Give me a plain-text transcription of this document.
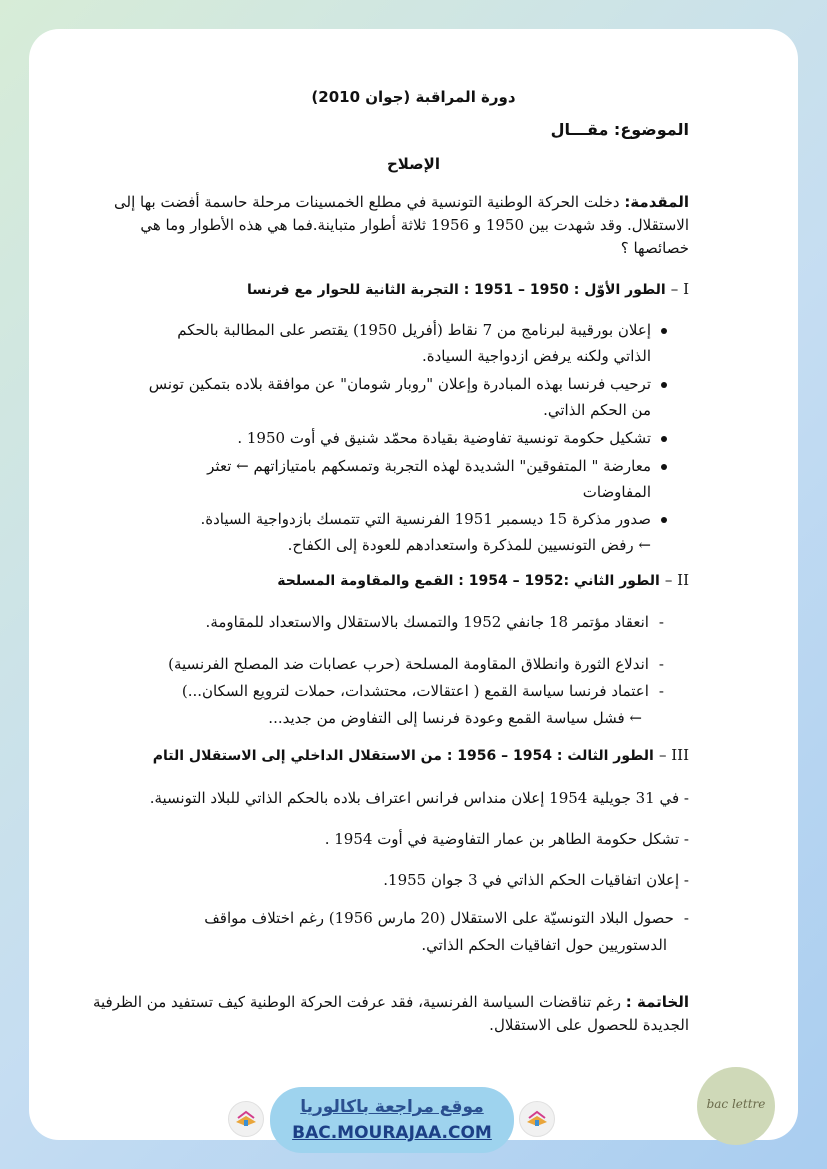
دورة المراقبة (جوان 2010)
الموضوع: مقـــال
الإصلاح
المقدمة: دخلت الحركة الوطنية التونسية في مطلع الخمسينات مرحلة حاسمة أفضت بها إلى
الاستقلال. وقد شهدت بين 1950 و 1956 ثلاثة أطوار متباينة.فما هي هذه الأطوار وما هي
خصائصها ؟
I – الطور الأوّل : 1950 – 1951 : التجربة الثانية للحوار مع فرنسا
إعلان بورقيبة لبرنامج من 7 نقاط (أفريل 1950) يقتصر على المطالبة بالحكم
الذاتي ولكنه يرفض ازدواجية السيادة.
ترحيب فرنسا بهذه المبادرة وإعلان "روبار شومان" عن موافقة بلاده بتمكين تونس
من الحكم الذاتي.
تشكيل حكومة تونسية تفاوضية بقيادة محمّد شنيق في أوت 1950 .
معارضة " المتفوقين" الشديدة لهذه التجربة وتمسكهم بامتيازاتهم ← تعثر
المفاوضات
صدور مذكرة 15 ديسمبر 1951 الفرنسية التي تتمسك بازدواجية السيادة.
← رفض التونسيين للمذكرة واستعدادهم للعودة إلى الكفاح.
II – الطور الثاني :1952 – 1954 : القمع والمقاومة المسلحة
-انعقاد مؤتمر 18 جانفي 1952 والتمسك بالاستقلال والاستعداد للمقاومة.
-اندلاع الثورة وانطلاق المقاومة المسلحة (حرب عصابات ضد المصلح الفرنسية)
-اعتماد فرنسا سياسة القمع ( اعتقالات، محتشدات، حملات لترويع السكان...)
← فشل سياسة القمع وعودة فرنسا إلى التفاوض من جديد...
III – الطور الثالث : 1954 – 1956 : من الاستقلال الداخلي إلى الاستقلال التام
- في 31 جويلية 1954 إعلان منداس فرانس اعتراف بلاده بالحكم الذاتي للبلاد التونسية.
- تشكل حكومة الطاهر بن عمار التفاوضية في أوت 1954 .
- إعلان اتفاقيات الحكم الذاتي في 3 جوان 1955.
-حصول البلاد التونسيّة على الاستقلال (20 مارس 1956) رغم اختلاف مواقف
الدستوريين حول اتفاقيات الحكم الذاتي.
الخاتمة : رغم تناقضات السياسة الفرنسية، فقد عرفت الحركة الوطنية كيف تستفيد من الظرفية
الجديدة للحصول على الاستقلال.
موقع مراجعة باكالوريا
BAC.MOURAJAA.COM
bac lettre
